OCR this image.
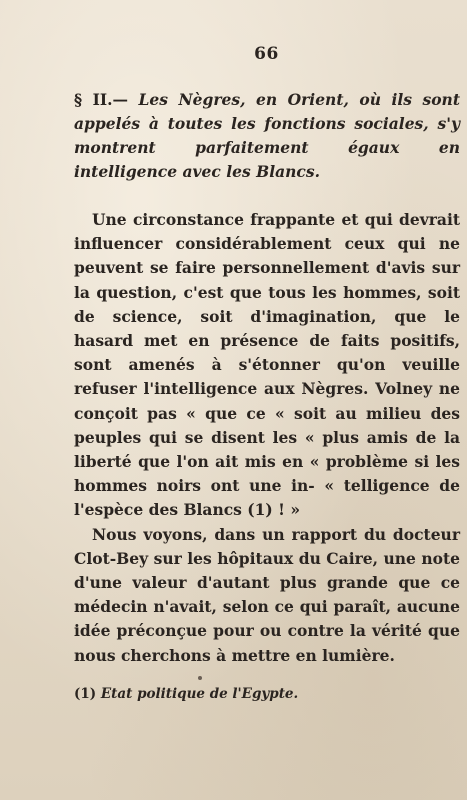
66
§ II.— Les Nègres, en Orient, où ils sont appelés à toutes les fonctions sociales, s'y montrent parfaitement égaux en intelligence avec les Blancs.

Une circonstance frappante et qui devrait influencer considérablement ceux qui ne peuvent se faire personnellement d'avis sur la question, c'est que tous les hommes, soit de science, soit d'imagination, que le hasard met en présence de faits positifs, sont amenés à s'étonner qu'on veuille refuser l'intelligence aux Nègres. Volney ne conçoit pas « que ce « soit au milieu des peuples qui se disent les « plus amis de la liberté que l'on ait mis en « problème si les hommes noirs ont une in- « telligence de l'espèce des Blancs (1) ! »

Nous voyons, dans un rapport du docteur Clot-Bey sur les hôpitaux du Caire, une note d'une valeur d'autant plus grande que ce médecin n'avait, selon ce qui paraît, aucune idée préconçue pour ou contre la vérité que nous cherchons à mettre en lumière.

(1) Etat politique de l'Egypte.
